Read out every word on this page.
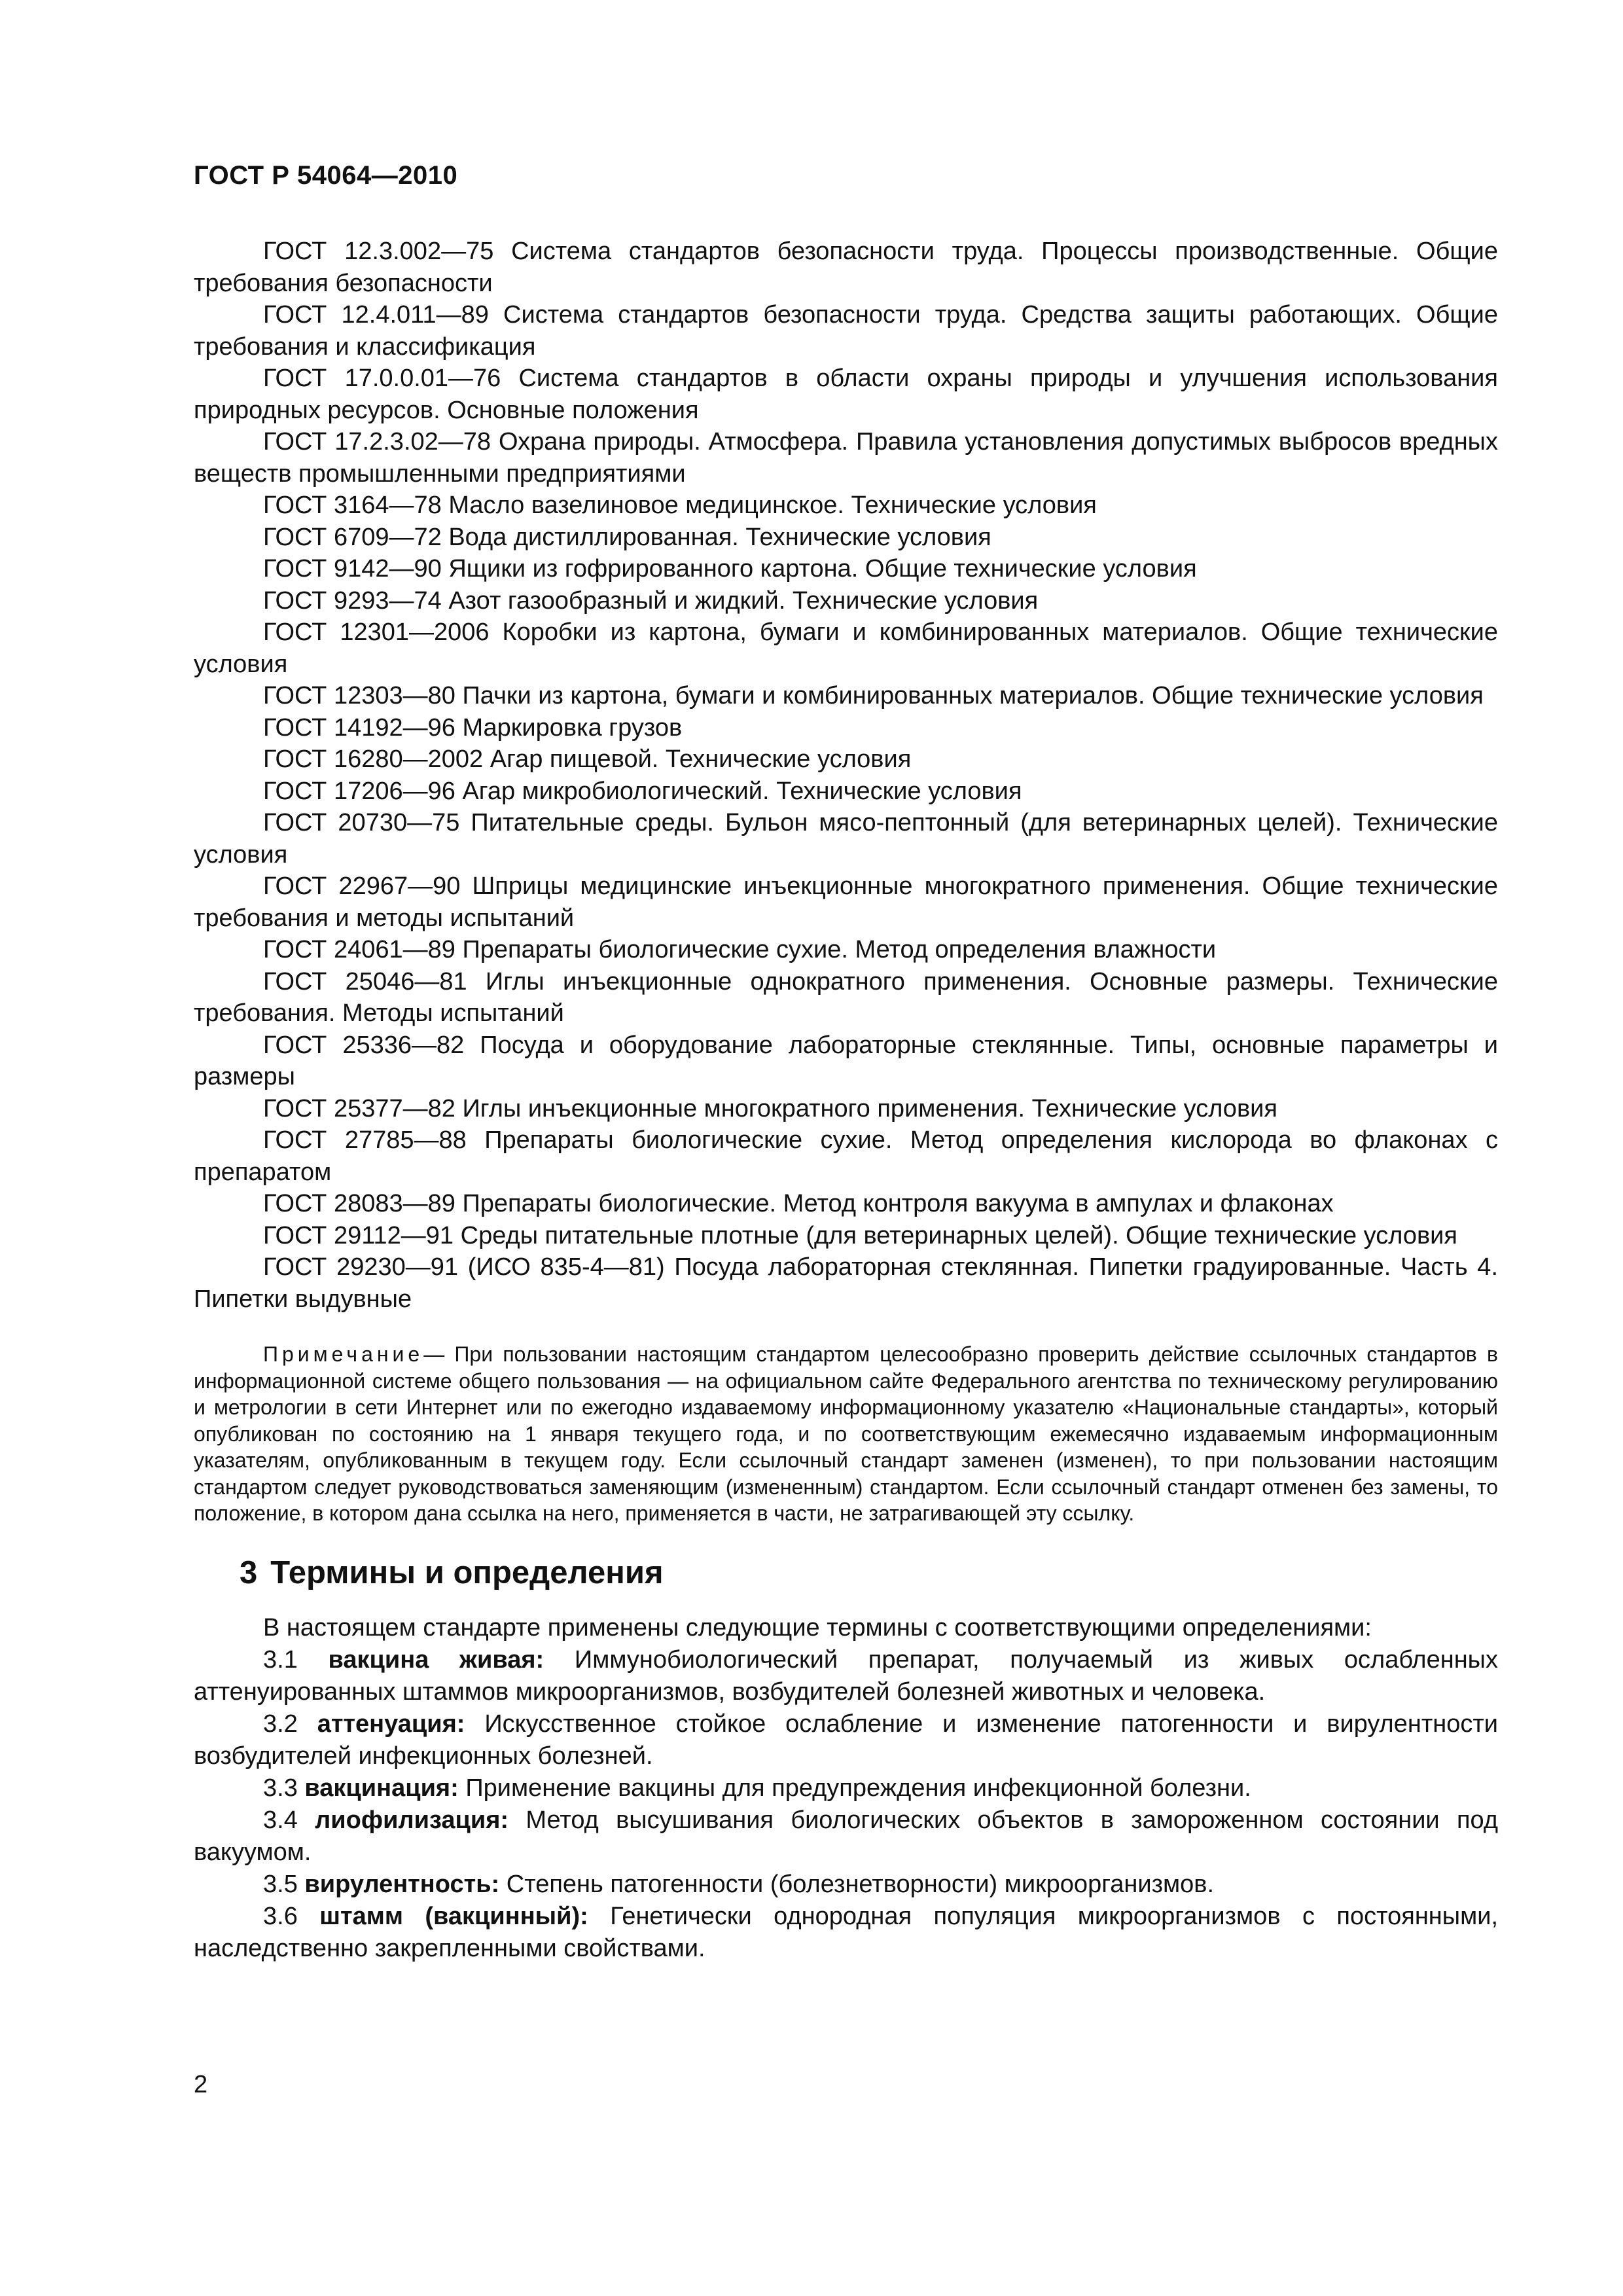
ГОСТ Р 54064—2010

ГОСТ 12.3.002—75 Система стандартов безопасности труда. Процессы производственные. Общие требования безопасности

ГОСТ 12.4.011—89 Система стандартов безопасности труда. Средства защиты работающих. Общие требования и классификация

ГОСТ 17.0.0.01—76 Система стандартов в области охраны природы и улучшения использования природных ресурсов. Основные положения

ГОСТ 17.2.3.02—78 Охрана природы. Атмосфера. Правила установления допустимых выбросов вредных веществ промышленными предприятиями

ГОСТ 3164—78 Масло вазелиновое медицинское. Технические условия

ГОСТ 6709—72 Вода дистиллированная. Технические условия

ГОСТ 9142—90 Ящики из гофрированного картона. Общие технические условия

ГОСТ 9293—74 Азот газообразный и жидкий. Технические условия

ГОСТ 12301—2006 Коробки из картона, бумаги и комбинированных материалов. Общие технические условия

ГОСТ 12303—80 Пачки из картона, бумаги и комбинированных материалов. Общие технические условия

ГОСТ 14192—96 Маркировка грузов

ГОСТ 16280—2002 Агар пищевой. Технические условия

ГОСТ 17206—96 Агар микробиологический. Технические условия

ГОСТ 20730—75 Питательные среды. Бульон мясо-пептонный (для ветеринарных целей). Технические условия

ГОСТ 22967—90 Шприцы медицинские инъекционные многократного применения. Общие технические требования и методы испытаний

ГОСТ 24061—89 Препараты биологические сухие. Метод определения влажности

ГОСТ 25046—81 Иглы инъекционные однократного применения. Основные размеры. Технические требования. Методы испытаний

ГОСТ 25336—82 Посуда и оборудование лабораторные стеклянные. Типы, основные параметры и размеры

ГОСТ 25377—82 Иглы инъекционные многократного применения. Технические условия

ГОСТ 27785—88 Препараты биологические сухие. Метод определения кислорода во флаконах с препаратом

ГОСТ 28083—89 Препараты биологические. Метод контроля вакуума в ампулах и флаконах

ГОСТ 29112—91 Среды питательные плотные (для ветеринарных целей). Общие технические условия

ГОСТ 29230—91 (ИСО 835-4—81) Посуда лабораторная стеклянная. Пипетки градуированные. Часть 4. Пипетки выдувные

Примечание— При пользовании настоящим стандартом целесообразно проверить действие ссылочных стандартов в информационной системе общего пользования — на официальном сайте Федерального агентства по техническому регулированию и метрологии в сети Интернет или по ежегодно издаваемому информационному указателю «Национальные стандарты», который опубликован по состоянию на 1 января текущего года, и по соответствующим ежемесячно издаваемым информационным указателям, опубликованным в текущем году. Если ссылочный стандарт заменен (изменен), то при пользовании настоящим стандартом следует руководствоваться заменяющим (измененным) стандартом. Если ссылочный стандарт отменен без замены, то положение, в котором дана ссылка на него, применяется в части, не затрагивающей эту ссылку.

3 Термины и определения

В настоящем стандарте применены следующие термины с соответствующими определениями:

3.1 вакцина живая: Иммунобиологический препарат, получаемый из живых ослабленных аттенуированных штаммов микроорганизмов, возбудителей болезней животных и человека.

3.2 аттенуация: Искусственное стойкое ослабление и изменение патогенности и вирулентности возбудителей инфекционных болезней.

3.3 вакцинация: Применение вакцины для предупреждения инфекционной болезни.

3.4 лиофилизация: Метод высушивания биологических объектов в замороженном состоянии под вакуумом.

3.5 вирулентность: Степень патогенности (болезнетворности) микроорганизмов.

3.6 штамм (вакцинный): Генетически однородная популяция микроорганизмов с постоянными, наследственно закрепленными свойствами.

2
